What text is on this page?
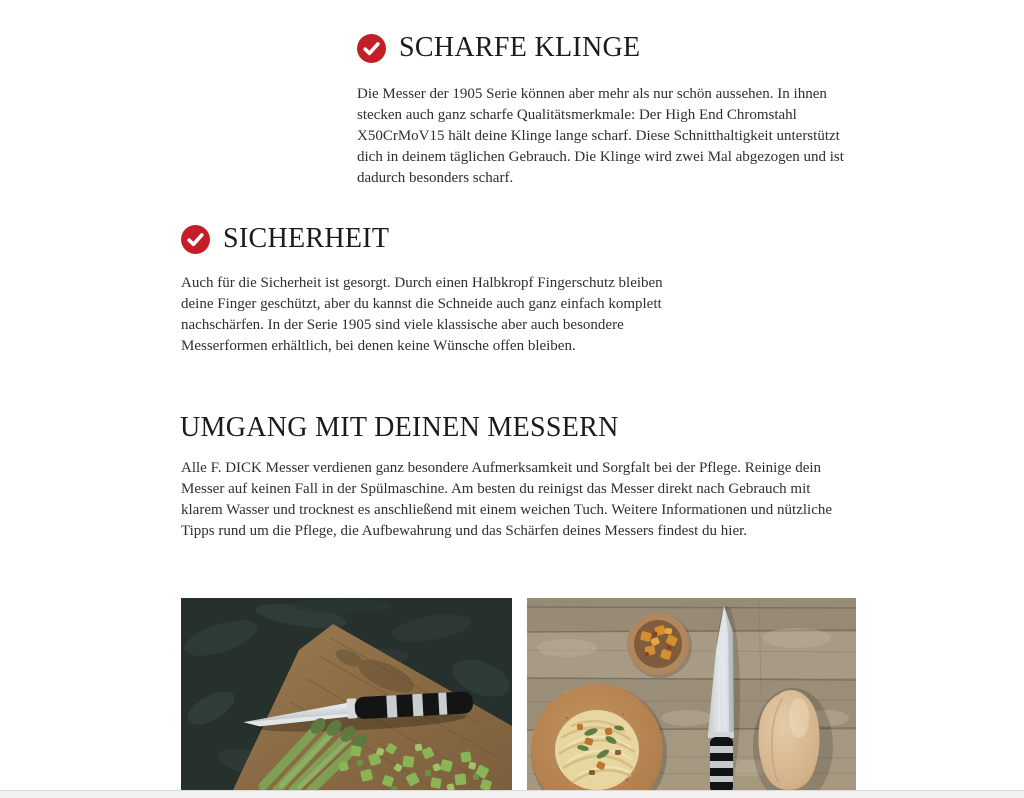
SCHARFE KLINGE

Die Messer der 1905 Serie können aber mehr als nur schön aussehen. In ihnen stecken auch ganz scharfe Qualitätsmerkmale: Der High End Chromstahl X50CrMoV15 hält deine Klinge lange scharf. Diese Schnitthaltigkeit unterstützt dich in deinem täglichen Gebrauch. Die Klinge wird zwei Mal abgezogen und ist dadurch besonders scharf.

SICHERHEIT

Auch für die Sicherheit ist gesorgt. Durch einen Halbkropf Fingerschutz bleiben deine Finger geschützt, aber du kannst die Schneide auch ganz einfach komplett nachschärfen. In der Serie 1905 sind viele klassische aber auch besondere Messerformen erhältlich, bei denen keine Wünsche offen bleiben.

UMGANG MIT DEINEN MESSERN

Alle F. DICK Messer verdienen ganz besondere Aufmerksamkeit und Sorgfalt bei der Pflege. Reinige dein Messer auf keinen Fall in der Spülmaschine. Am besten du reinigst das Messer direkt nach Gebrauch mit klarem Wasser und trocknest es anschließend mit einem weichen Tuch. Weitere Informationen und nützliche Tipps rund um die Pflege, die Aufbewahrung und das Schärfen deines Messers findest du hier.
